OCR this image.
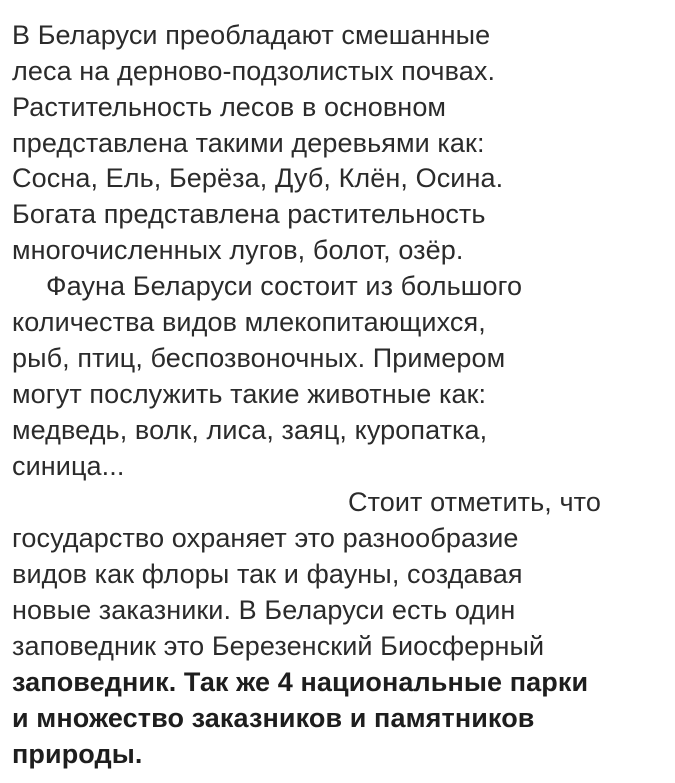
В Беларуси преобладают смешанные
леса на дерново-подзолистых почвах.
Растительность лесов в основном
представлена такими деревьями как:
Сосна, Ель, Берёза, Дуб, Клён, Осина.
Богата представлена растительность
многочисленных лугов, болот, озёр.
Фауна Беларуси состоит из большого
количества видов млекопитающихся,
рыб, птиц, беспозвоночных. Примером
могут послужить такие животные как:
медведь, волк, лиса, заяц, куропатка,
синица...
Стоит отметить, что
государство охраняет это разнообразие
видов как флоры так и фауны, создавая
новые заказники. В Беларуси есть один
заповедник это Березенский Биосферный
заповедник. Так же 4 национальные парки
и множество заказников и памятников
природы.
